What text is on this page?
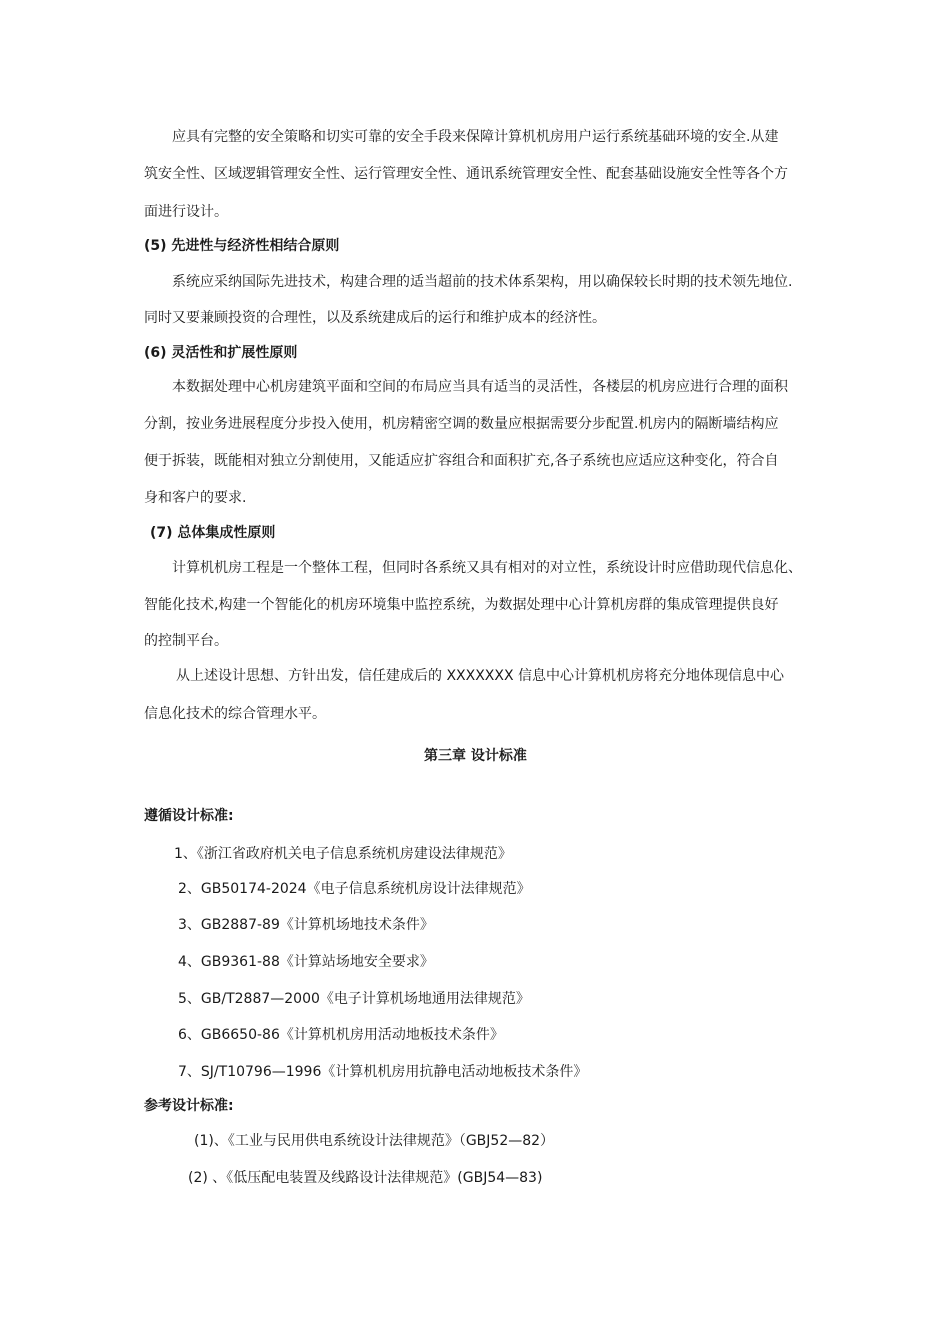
应具有完整的安全策略和切实可靠的安全手段来保障计算机机房用户运行系统基础环境的安全.从建
筑安全性、区域逻辑管理安全性、运行管理安全性、通讯系统管理安全性、配套基础设施安全性等各个方
面进行设计。
(5) 先进性与经济性相结合原则
系统应采纳国际先进技术，构建合理的适当超前的技术体系架构，用以确保较长时期的技术领先地位.
同时又要兼顾投资的合理性，以及系统建成后的运行和维护成本的经济性。
(6) 灵活性和扩展性原则
本数据处理中心机房建筑平面和空间的布局应当具有适当的灵活性，各楼层的机房应进行合理的面积
分割，按业务进展程度分步投入使用，机房精密空调的数量应根据需要分步配置.机房内的隔断墙结构应
便于拆装，既能相对独立分割使用，又能适应扩容组合和面积扩充,各子系统也应适应这种变化，符合自
身和客户的要求.
(7) 总体集成性原则
计算机机房工程是一个整体工程，但同时各系统又具有相对的对立性，系统设计时应借助现代信息化、
智能化技术,构建一个智能化的机房环境集中监控系统，为数据处理中心计算机房群的集成管理提供良好
的控制平台。
从上述设计思想、方针出发，信任建成后的 XXXXXXX 信息中心计算机机房将充分地体现信息中心
信息化技术的综合管理水平。
第三章 设计标准
遵循设计标准:
1、《浙江省政府机关电子信息系统机房建设法律规范》
2、GB50174-2024《电子信息系统机房设计法律规范》
3、GB2887-89《计算机场地技术条件》
4、GB9361-88《计算站场地安全要求》
5、GB/T2887—2000《电子计算机场地通用法律规范》
6、GB6650-86《计算机机房用活动地板技术条件》
7、SJ/T10796—1996《计算机机房用抗静电活动地板技术条件》
参考设计标准:
(1)、《工业与民用供电系统设计法律规范》（GBJ52—82）
(2) 、《低压配电装置及线路设计法律规范》(GBJ54—83)
